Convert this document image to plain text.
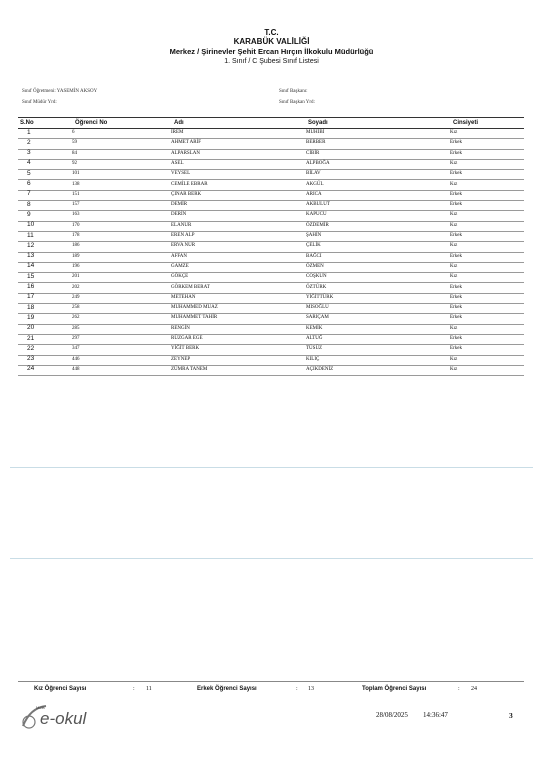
T.C.
KARABÜK VALİLİĞİ
Merkez / Şirinevler Şehit Ercan Hırçın İlkokulu Müdürlüğü
1. Sınıf / C Şubesi Sınıf Listesi
Sınıf Öğretmeni: YASEMİN AKSOY
Sınıf Müdür Yrd:
Sınıf Başkanı:
Sınıf Başkan Yrd:
S.No	Öğrenci No	Adı	Soyadı	Cinsiyeti
1	6	İREM	MUHİBİ	Kız
2	59	AHMET ARİF	BERBER	Erkek
3	84	ALPARSLAN	CİBİR	Erkek
4	92	ASEL	ALPBOĞA	Kız
5	101	VEYSEL	BİLAV	Erkek
6	138	CEMİLE EBRAR	AKGÜL	Kız
7	151	ÇINAR BERK	ARICA	Erkek
8	157	DEMİR	AKBULUT	Erkek
9	163	DERİN	KAPUCU	Kız
10	170	ELANUR	ÖZDEMİR	Kız
11	178	EREN ALP	ŞAHİN	Erkek
12	186	ERVA NUR	ÇELİK	Kız
13	189	AFFAN	BAĞCI	Erkek
14	196	GAMZE	ÖZMEN	Kız
15	201	GÖKÇE	COŞKUN	Kız
16	202	GÖRKEM BERAT	ÖZTÜRK	Erkek
17	249	METEHAN	YİĞİTTÜRK	Erkek
18	258	MUHAMMED MUAZ	MISOĞLU	Erkek
19	262	MUHAMMET TAHİR	SARIÇAM	Erkek
20	285	RENGİN	KEMİK	Kız
21	297	RÜZGAR EGE	ALTUĞ	Erkek
22	347	YİĞİT BERK	TÜSÜZ	Erkek
23	446	ZEYNEP	KILIÇ	Kız
24	448	ZÜMRA TANEM	AÇIKDENİZ	Kız
Kız Öğrenci Sayısı	: 11	Erkek Öğrenci Sayısı	: 13	Toplam Öğrenci Sayısı	: 24
MEB
e-okul	28/08/2025 14:36:47	3
